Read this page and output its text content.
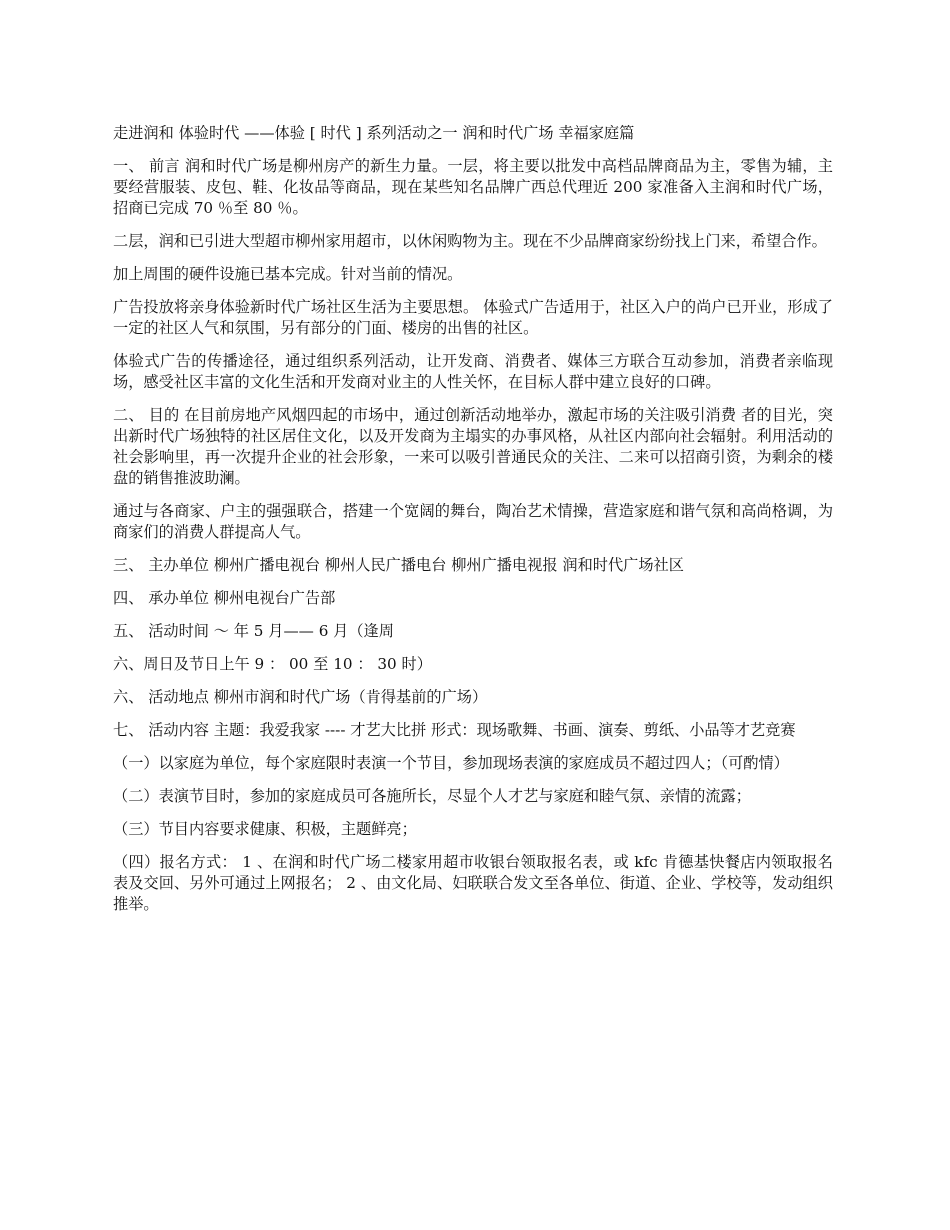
走进润和 体验时代 ——体验 [ 时代 ] 系列活动之一 润和时代广场 幸福家庭篇

一、 前言 润和时代广场是柳州房产的新生力量。一层，将主要以批发中高档品牌商品为主，零售为辅，主要经营服装、皮包、鞋、化妆品等商品，现在某些知名品牌广西总代理近 200 家准备入主润和时代广场，招商已完成 70 ％至 80 ％。

二层，润和已引进大型超市柳州家用超市，以休闲购物为主。现在不少品牌商家纷纷找上门来，希望合作。

加上周围的硬件设施已基本完成。针对当前的情况。

广告投放将亲身体验新时代广场社区生活为主要思想。 体验式广告适用于，社区入户的尚户已开业，形成了一定的社区人气和氛围，另有部分的门面、楼房的出售的社区。

体验式广告的传播途径，通过组织系列活动，让开发商、消费者、媒体三方联合互动参加，消费者亲临现场，感受社区丰富的文化生活和开发商对业主的人性关怀，在目标人群中建立良好的口碑。

二、 目的 在目前房地产风烟四起的市场中，通过创新活动地举办，激起市场的关注吸引消费 者的目光，突出新时代广场独特的社区居住文化，以及开发商为主塌实的办事风格，从社区内部向社会辐射。利用活动的社会影响里，再一次提升企业的社会形象，一来可以吸引普通民众的关注、二来可以招商引资，为剩余的楼盘的销售推波助澜。

通过与各商家、户主的强强联合，搭建一个宽阔的舞台，陶冶艺术情操，营造家庭和谐气氛和高尚格调，为商家们的消费人群提高人气。

三、 主办单位 柳州广播电视台 柳州人民广播电台 柳州广播电视报 润和时代广场社区

四、 承办单位 柳州电视台广告部

五、 活动时间 ～ 年 5 月—— 6 月（逢周

六、周日及节日上午 9 ： 00 至 10 ： 30 时）

六、 活动地点 柳州市润和时代广场（肯得基前的广场）

七、 活动内容 主题：我爱我家 ---- 才艺大比拼 形式：现场歌舞、书画、演奏、剪纸、小品等才艺竞赛

（一）以家庭为单位，每个家庭限时表演一个节目，参加现场表演的家庭成员不超过四人；（可酌情）

（二）表演节目时，参加的家庭成员可各施所长，尽显个人才艺与家庭和睦气氛、亲情的流露；

（三）节目内容要求健康、积极，主题鲜亮；

（四）报名方式： 1 、在润和时代广场二楼家用超市收银台领取报名表，或 kfc 肯德基快餐店内领取报名表及交回、另外可通过上网报名； 2 、由文化局、妇联联合发文至各单位、街道、企业、学校等，发动组织推举。
